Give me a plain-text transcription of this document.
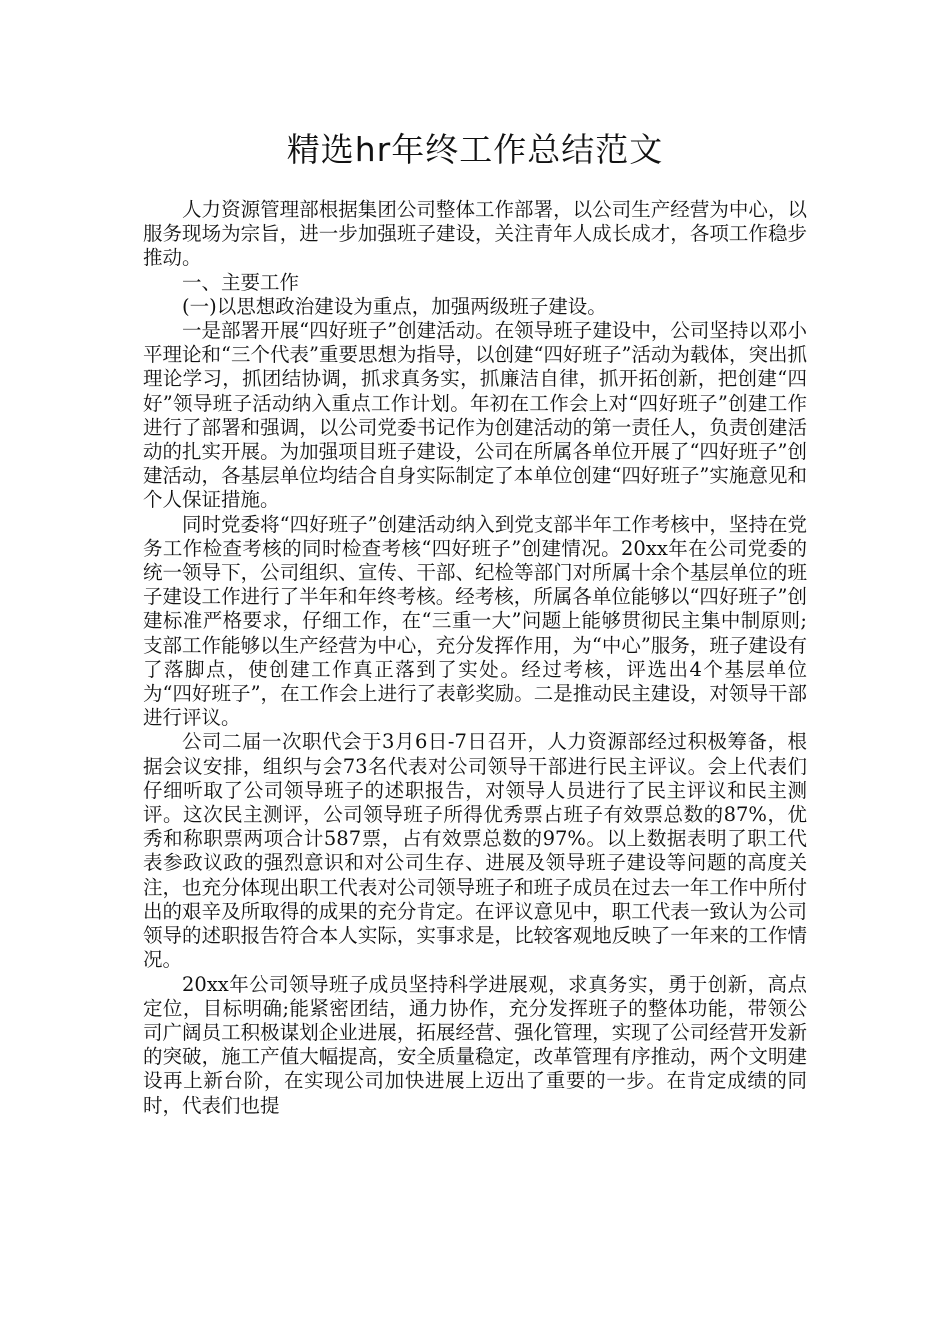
精选hr年终工作总结范文

人力资源管理部根据集团公司整体工作部署，以公司生产经营为中心，以服务现场为宗旨，进一步加强班子建设，关注青年人成长成才，各项工作稳步推动。

一、主要工作

(一)以思想政治建设为重点，加强两级班子建设。

一是部署开展“四好班子”创建活动。在领导班子建设中，公司坚持以邓小平理论和“三个代表”重要思想为指导，以创建“四好班子”活动为载体，突出抓理论学习，抓团结协调，抓求真务实，抓廉洁自律，抓开拓创新，把创建“四好”领导班子活动纳入重点工作计划。年初在工作会上对“四好班子”创建工作进行了部署和强调，以公司党委书记作为创建活动的第一责任人，负责创建活动的扎实开展。为加强项目班子建设，公司在所属各单位开展了“四好班子”创建活动，各基层单位均结合自身实际制定了本单位创建“四好班子”实施意见和个人保证措施。

同时党委将“四好班子”创建活动纳入到党支部半年工作考核中，坚持在党务工作检查考核的同时检查考核“四好班子”创建情况。20xx年在公司党委的统一领导下，公司组织、宣传、干部、纪检等部门对所属十余个基层单位的班子建设工作进行了半年和年终考核。经考核，所属各单位能够以“四好班子”创建标准严格要求，仔细工作，在“三重一大”问题上能够贯彻民主集中制原则;支部工作能够以生产经营为中心，充分发挥作用，为“中心”服务，班子建设有了落脚点，使创建工作真正落到了实处。经过考核，评选出4个基层单位为“四好班子”，在工作会上进行了表彰奖励。二是推动民主建设，对领导干部进行评议。

公司二届一次职代会于3月6日-7日召开，人力资源部经过积极筹备，根据会议安排，组织与会73名代表对公司领导干部进行民主评议。会上代表们仔细听取了公司领导班子的述职报告，对领导人员进行了民主评议和民主测评。这次民主测评，公司领导班子所得优秀票占班子有效票总数的87%，优秀和称职票两项合计587票，占有效票总数的97%。以上数据表明了职工代表参政议政的强烈意识和对公司生存、进展及领导班子建设等问题的高度关注，也充分体现出职工代表对公司领导班子和班子成员在过去一年工作中所付出的艰辛及所取得的成果的充分肯定。在评议意见中，职工代表一致认为公司领导的述职报告符合本人实际，实事求是，比较客观地反映了一年来的工作情况。

20xx年公司领导班子成员坚持科学进展观，求真务实，勇于创新，高点定位，目标明确;能紧密团结，通力协作，充分发挥班子的整体功能，带领公司广阔员工积极谋划企业进展，拓展经营、强化管理，实现了公司经营开发新的突破，施工产值大幅提高，安全质量稳定，改革管理有序推动，两个文明建设再上新台阶，在实现公司加快进展上迈出了重要的一步。在肯定成绩的同时，代表们也提
